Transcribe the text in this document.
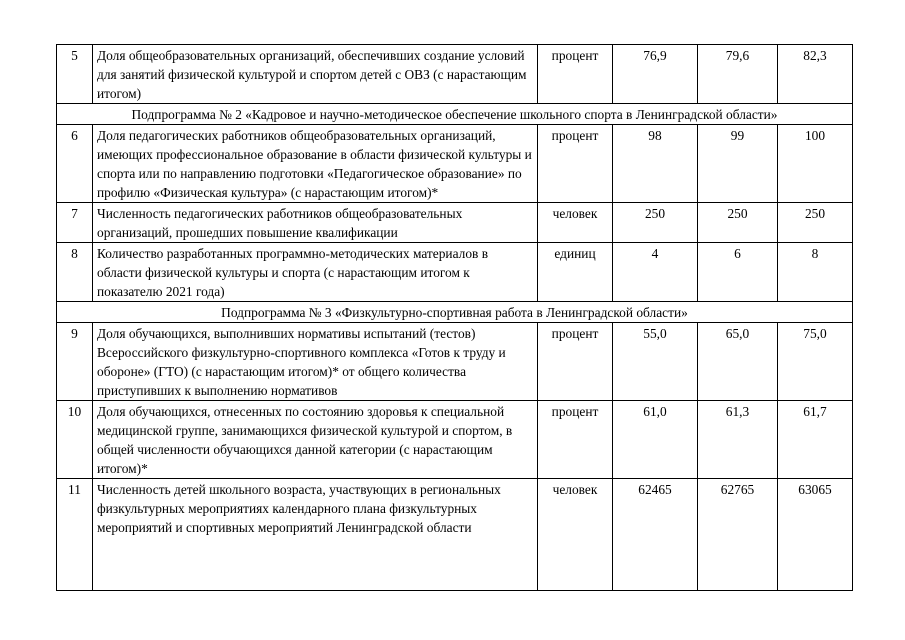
5	Доля общеобразовательных организаций, обеспечивших создание условий для занятий физической культурой и спортом детей с ОВЗ (с нарастающим итогом)	процент	76,9	79,6	82,3
Подпрограмма № 2 «Кадровое и научно-методическое обеспечение школьного спорта в Ленинградской области»					
6	Доля педагогических работников общеобразовательных организаций, имеющих профессиональное образование в области физической культуры и спорта или по направлению подготовки «Педагогическое образование» по профилю «Физическая культура» (с нарастающим итогом)*	процент	98	99	100
7	Численность педагогических работников общеобразовательных организаций, прошедших повышение квалификации	человек	250	250	250
8	Количество разработанных программно-методических материалов в области физической культуры и спорта (с нарастающим итогом к показателю 2021 года)	единиц	4	6	8
Подпрограмма № 3 «Физкультурно-спортивная работа в Ленинградской области»					
9	Доля обучающихся, выполнивших нормативы испытаний (тестов) Всероссийского физкультурно-спортивного комплекса «Готов к труду и обороне» (ГТО) (с нарастающим итогом)* от общего количества приступивших к выполнению нормативов	процент	55,0	65,0	75,0
10	Доля обучающихся, отнесенных по состоянию здоровья к специальной медицинской группе, занимающихся физической культурой и спортом, в общей численности обучающихся данной категории (с нарастающим итогом)*	процент	61,0	61,3	61,7
11	Численность детей школьного возраста, участвующих в региональных физкультурных мероприятиях календарного плана физкультурных мероприятий и спортивных мероприятий Ленинградской области	человек	62465	62765	63065
